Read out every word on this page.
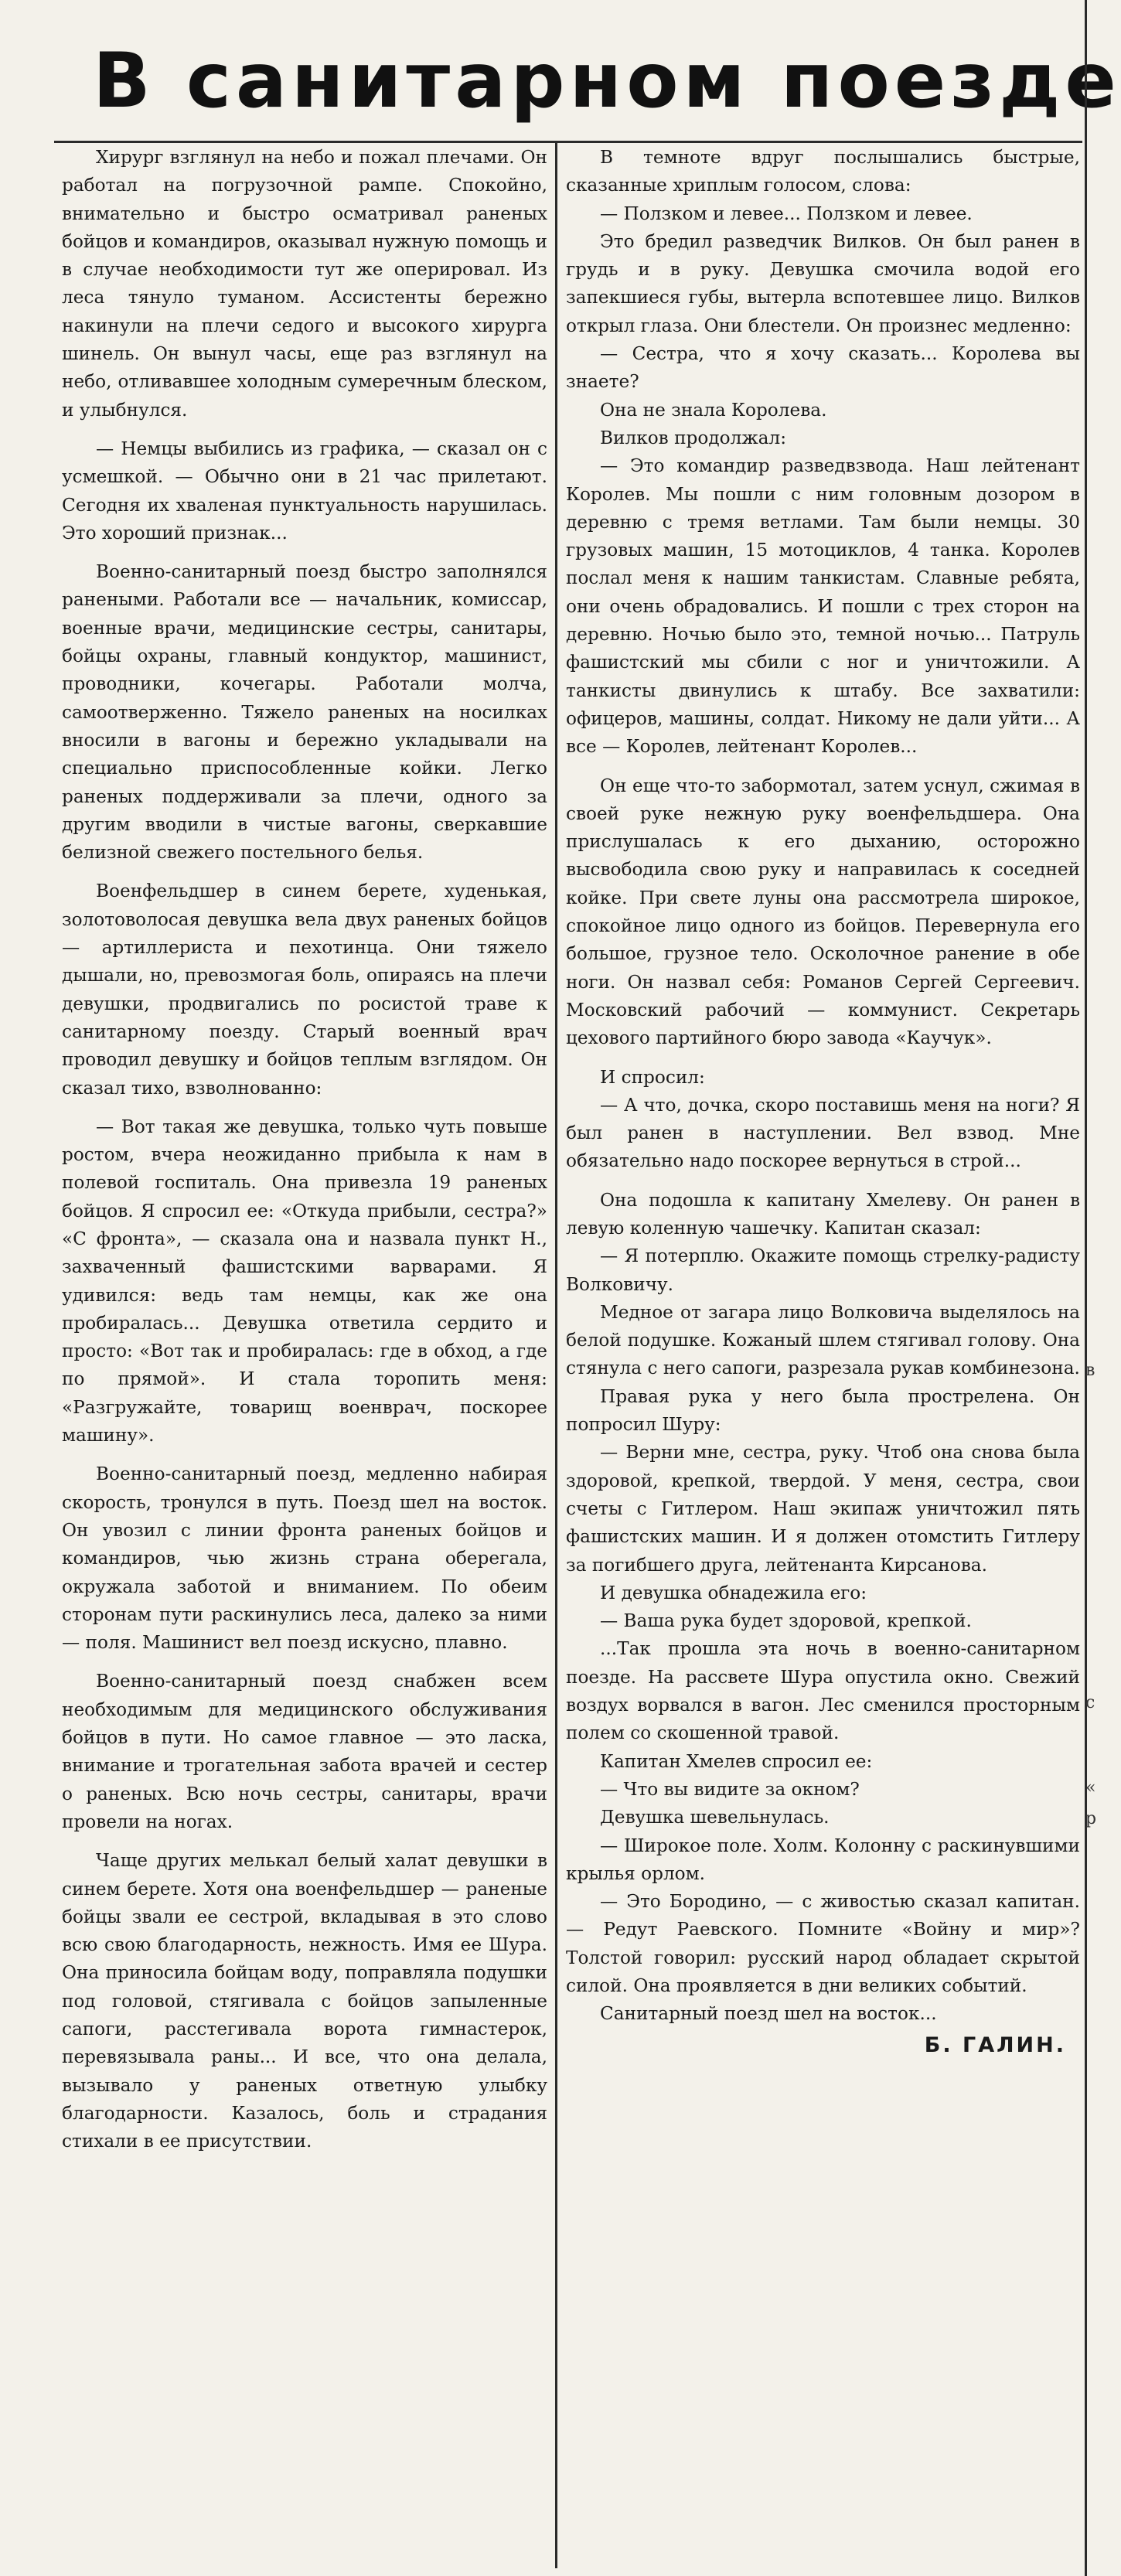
В санитарном поезде

Хирург взглянул на небо и пожал плечами. Он работал на погрузочной рампе. Спокойно, внимательно и быстро осматривал раненых бойцов и командиров, оказывал нужную помощь и в случае необходимости тут же оперировал. Из леса тянуло туманом. Ассистенты бережно накинули на плечи седого и высокого хирурга шинель. Он вынул часы, еще раз взглянул на небо, отливавшее холодным сумеречным блеском, и улыбнулся.

— Немцы выбились из графика, — сказал он с усмешкой. — Обычно они в 21 час прилетают. Сегодня их хваленая пунктуальность нарушилась. Это хороший признак...

Военно-санитарный поезд быстро заполнялся ранеными. Работали все — начальник, комиссар, военные врачи, медицинские сестры, санитары, бойцы охраны, главный кондуктор, машинист, проводники, кочегары. Работали молча, самоотверженно. Тяжело раненых на носилках вносили в вагоны и бережно укладывали на специально приспособленные койки. Легко раненых поддерживали за плечи, одного за другим вводили в чистые вагоны, сверкавшие белизной свежего постельного белья.

Военфельдшер в синем берете, худенькая, золотоволосая девушка вела двух раненых бойцов — артиллериста и пехотинца. Они тяжело дышали, но, превозмогая боль, опираясь на плечи девушки, продвигались по росистой траве к санитарному поезду. Старый военный врач проводил девушку и бойцов теплым взглядом. Он сказал тихо, взволнованно:

— Вот такая же девушка, только чуть повыше ростом, вчера неожиданно прибыла к нам в полевой госпиталь. Она привезла 19 раненых бойцов. Я спросил ее: «Откуда прибыли, сестра?» «С фронта», — сказала она и назвала пункт Н., захваченный фашистскими варварами. Я удивился: ведь там немцы, как же она пробиралась... Девушка ответила сердито и просто: «Вот так и пробиралась: где в обход, а где по прямой». И стала торопить меня: «Разгружайте, товарищ военврач, поскорее машину».

Военно-санитарный поезд, медленно набирая скорость, тронулся в путь. Поезд шел на восток. Он увозил с линии фронта раненых бойцов и командиров, чью жизнь страна оберегала, окружала заботой и вниманием. По обеим сторонам пути раскинулись леса, далеко за ними — поля. Машинист вел поезд искусно, плавно.

Военно-санитарный поезд снабжен всем необходимым для медицинского обслуживания бойцов в пути. Но самое главное — это ласка, внимание и трогательная забота врачей и сестер о раненых. Всю ночь сестры, санитары, врачи провели на ногах.

Чаще других мелькал белый халат девушки в синем берете. Хотя она военфельдшер — раненые бойцы звали ее сестрой, вкладывая в это слово всю свою благодарность, нежность. Имя ее Шура. Она приносила бойцам воду, поправляла подушки под головой, стягивала с бойцов запыленные сапоги, расстегивала ворота гимнастерок, перевязывала раны... И все, что она делала, вызывало у раненых ответную улыбку благодарности. Казалось, боль и страдания стихали в ее присутствии.

В темноте вдруг послышались быстрые, сказанные хриплым голосом, слова:

— Ползком и левее... Ползком и левее.

Это бредил разведчик Вилков. Он был ранен в грудь и в руку. Девушка смочила водой его запекшиеся губы, вытерла вспотевшее лицо. Вилков открыл глаза. Они блестели. Он произнес медленно:

— Сестра, что я хочу сказать... Королева вы знаете?

Она не знала Королева.

Вилков продолжал:

— Это командир разведвзвода. Наш лейтенант Королев. Мы пошли с ним головным дозором в деревню с тремя ветлами. Там были немцы. 30 грузовых машин, 15 мотоциклов, 4 танка. Королев послал меня к нашим танкистам. Славные ребята, они очень обрадовались. И пошли с трех сторон на деревню. Ночью было это, темной ночью... Патруль фашистский мы сбили с ног и уничтожили. А танкисты двинулись к штабу. Все захватили: офицеров, машины, солдат. Никому не дали уйти... А все — Королев, лейтенант Королев...

Он еще что-то забормотал, затем уснул, сжимая в своей руке нежную руку военфельдшера. Она прислушалась к его дыханию, осторожно высвободила свою руку и направилась к соседней койке. При свете луны она рассмотрела широкое, спокойное лицо одного из бойцов. Перевернула его большое, грузное тело. Осколочное ранение в обе ноги. Он назвал себя: Романов Сергей Сергеевич. Московский рабочий — коммунист. Секретарь цехового партийного бюро завода «Каучук».

И спросил:

— А что, дочка, скоро поставишь меня на ноги? Я был ранен в наступлении. Вел взвод. Мне обязательно надо поскорее вернуться в строй...

Она подошла к капитану Хмелеву. Он ранен в левую коленную чашечку. Капитан сказал:

— Я потерплю. Окажите помощь стрелку-радисту Волковичу.

Медное от загара лицо Волковича выделялось на белой подушке. Кожаный шлем стягивал голову. Она стянула с него сапоги, разрезала рукав комбинезона.

Правая рука у него была прострелена. Он попросил Шуру:

— Верни мне, сестра, руку. Чтоб она снова была здоровой, крепкой, твердой. У меня, сестра, свои счеты с Гитлером. Наш экипаж уничтожил пять фашистских машин. И я должен отомстить Гитлеру за погибшего друга, лейтенанта Кирсанова.

И девушка обнадежила его:

— Ваша рука будет здоровой, крепкой.

...Так прошла эта ночь в военно-санитарном поезде. На рассвете Шура опустила окно. Свежий воздух ворвался в вагон. Лес сменился просторным полем со скошенной травой.

Капитан Хмелев спросил ее:

— Что вы видите за окном?

Девушка шевельнулась.

— Широкое поле. Холм. Колонну с раскинувшими крылья орлом.

— Это Бородино, — с живостью сказал капитан. — Редут Раевского. Помните «Войну и мир»? Толстой говорил: русский народ обладает скрытой силой. Она проявляется в дни великих событий.

Санитарный поезд шел на восток...

Б. ГАЛИН.
в
с
«
р
